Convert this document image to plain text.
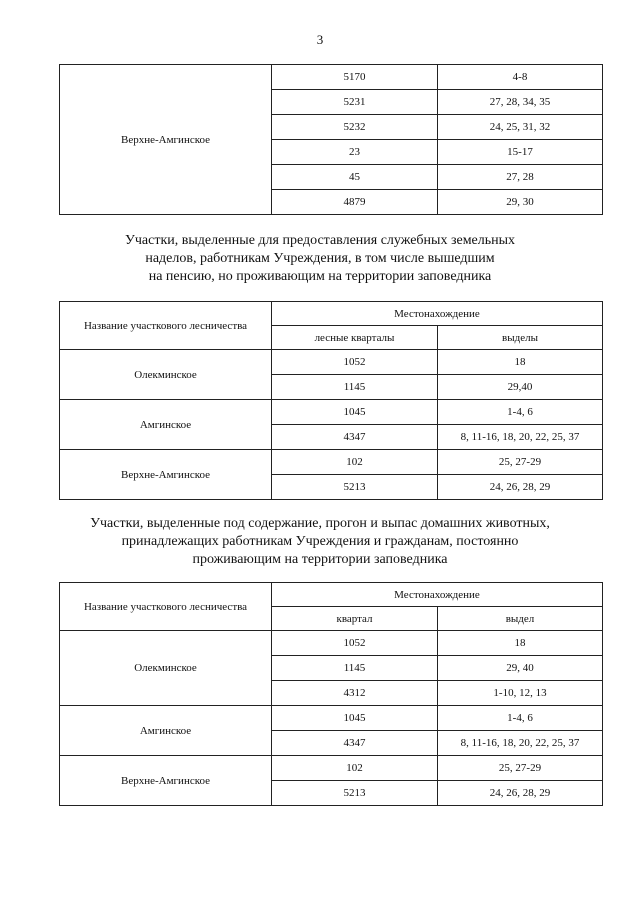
3
Верхне-Амгинское	5170	4-8
	5231	27, 28, 34, 35
	5232	24, 25, 31, 32
	23	15-17
	45	27, 28
	4879	29, 30
Участки, выделенные для предоставления служебных земельных
наделов, работникам Учреждения, в том числе вышедшим
на пенсию, но проживающим на территории заповедника
Название участкового лесничества	Местонахождение	
	лесные кварталы	выделы
Олекминское	1052	18
	1145	29,40
Амгинское	1045	1-4, 6
	4347	8, 11-16, 18, 20, 22, 25, 37
Верхне-Амгинское	102	25, 27-29
	5213	24, 26, 28, 29
Участки, выделенные под содержание, прогон и выпас домашних животных,
принадлежащих работникам Учреждения и гражданам, постоянно
проживающим на территории заповедника
Название участкового лесничества	Местонахождение	
	квартал	выдел
Олекминское	1052	18
	1145	29, 40
	4312	1-10, 12, 13
Амгинское	1045	1-4, 6
	4347	8, 11-16, 18, 20, 22, 25, 37
Верхне-Амгинское	102	25, 27-29
	5213	24, 26, 28, 29
